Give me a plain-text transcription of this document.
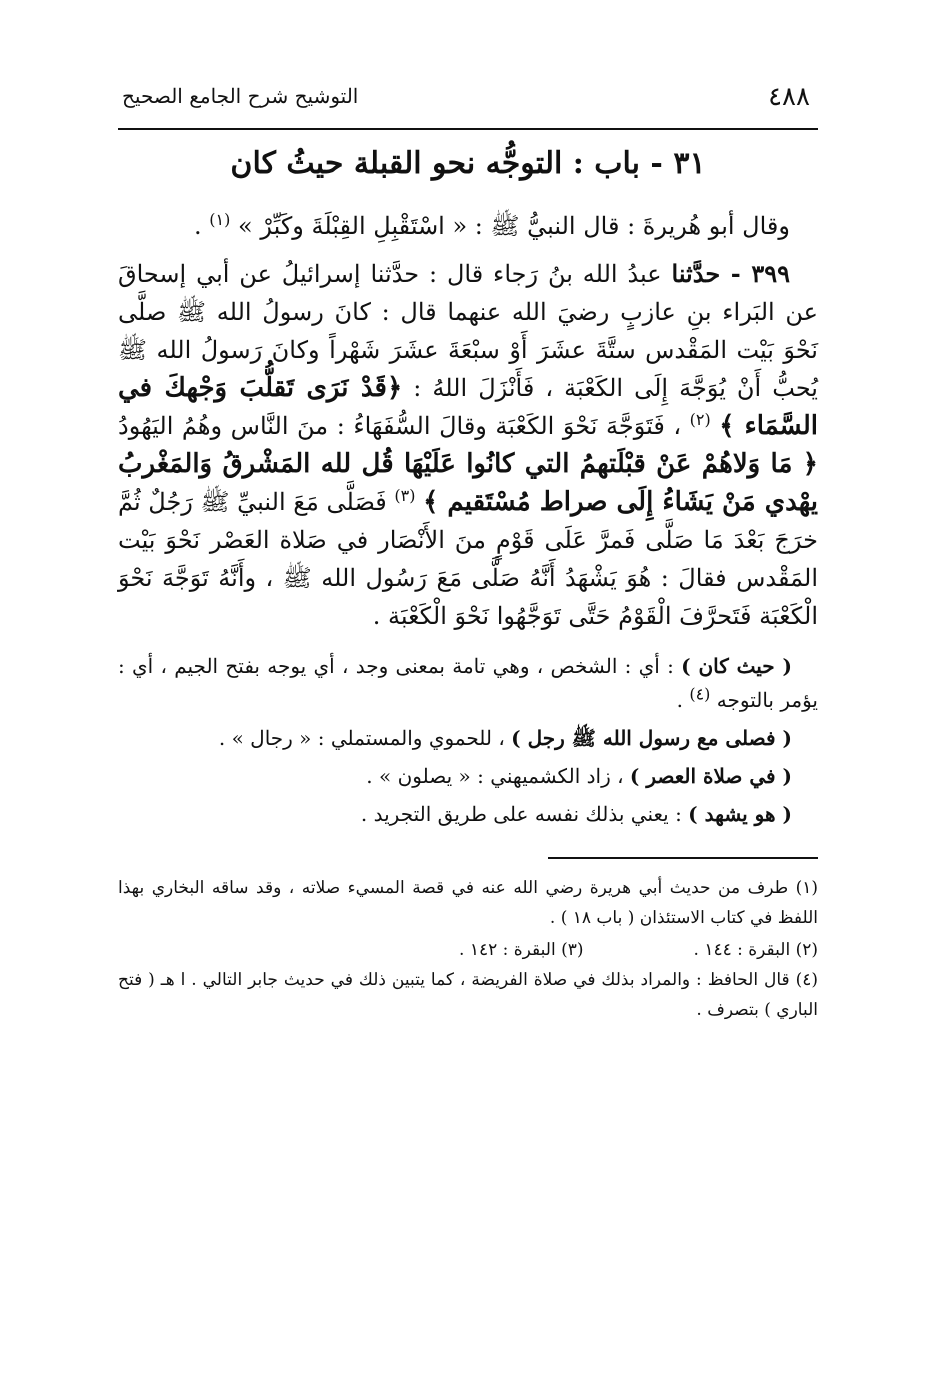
٤٨٨
التوشيح شرح الجامع الصحيح
٣١ - باب : التوجُّه نحو القبلة حيثُ كان

وقال أبو هُريرةَ : قال النبيُّ ﷺ : « اسْتَقْبِلِ القِبْلَةَ وكَبِّرْ » $^{(١)}$ .

٣٩٩ - حدَّثنا عبدُ الله بنُ رَجاء قال : حدَّثنا إسرائيلُ عن أبي إسحاقَ عن البَراء بنِ عازبٍ رضيَ الله عنهما قال : كانَ رسولُ الله ﷺ صلَّى نَحْوَ بَيْت المَقْدس ستَّةَ عشَرَ أَوْ سبْعَةَ عشَرَ شَهْراً وكانَ رَسولُ الله ﷺ يُحبُّ أَنْ يُوَجَّهَ إِلَى الكَعْبَة ، فَأَنْزَلَ اللهُ : ﴿قَدْ نَرَى تَقلُّبَ وَجْهكَ في السَّمَاء ﴾ $^{(٢)}$ ، فَتَوَجَّهَ نَحْوَ الكَعْبَة وقالَ السُّفَهَاءُ : منَ النَّاس وهُمُ اليَهُودُ ﴿ مَا وَلاهُمْ عَنْ قبْلَتهمُ التي كانُوا عَلَيْهَا قُل لله المَشْرقُ وَالمَغْربُ يهْدي مَنْ يَشَاءُ إِلَى صراط مُسْتَقيم ﴾ $^{(٣)}$ فَصَلَّى مَعَ النبيِّ ﷺ رَجُلٌ ثُمَّ خرَجَ بَعْدَ مَا صَلَّى فَمرَّ عَلَى قَوْمٍ منَ الأَنْصَار في صَلاة العَصْر نَحْوَ بَيْت المَقْدس فقالَ : هُوَ يَشْهَدُ أَنَّهُ صَلَّى مَعَ رَسُول الله ﷺ ، وأَنَّهُ تَوَجَّهَ نَحْوَ الْكَعْبَة فَتَحرَّفَ الْقَوْمُ حَتَّى تَوَجَّهُوا نَحْوَ الْكَعْبَة .

( حيث كان ) : أي : الشخص ، وهي تامة بمعنى وجد ، أي يوجه بفتح الجيم ، أي : يؤمر بالتوجه $^{(٤)}$ .

( فصلى مع رسول الله ﷺ رجل ) ، للحموي والمستملي : « رجال » .

( في صلاة العصر ) ، زاد الكشميهني : « يصلون » .

( هو يشهد ) : يعني بذلك نفسه على طريق التجريد .

(١) طرف من حديث أبي هريرة رضي الله عنه في قصة المسيء صلاته ، وقد ساقه البخاري بهذا اللفظ في كتاب الاستئذان ( باب ١٨ ) .

(٢) البقرة : ١٤٤ .
(٣) البقرة : ١٤٢ .

(٤) قال الحافظ : والمراد بذلك في صلاة الفريضة ، كما يتبين ذلك في حديث جابر التالي . ا هـ ( فتح الباري ) بتصرف .
